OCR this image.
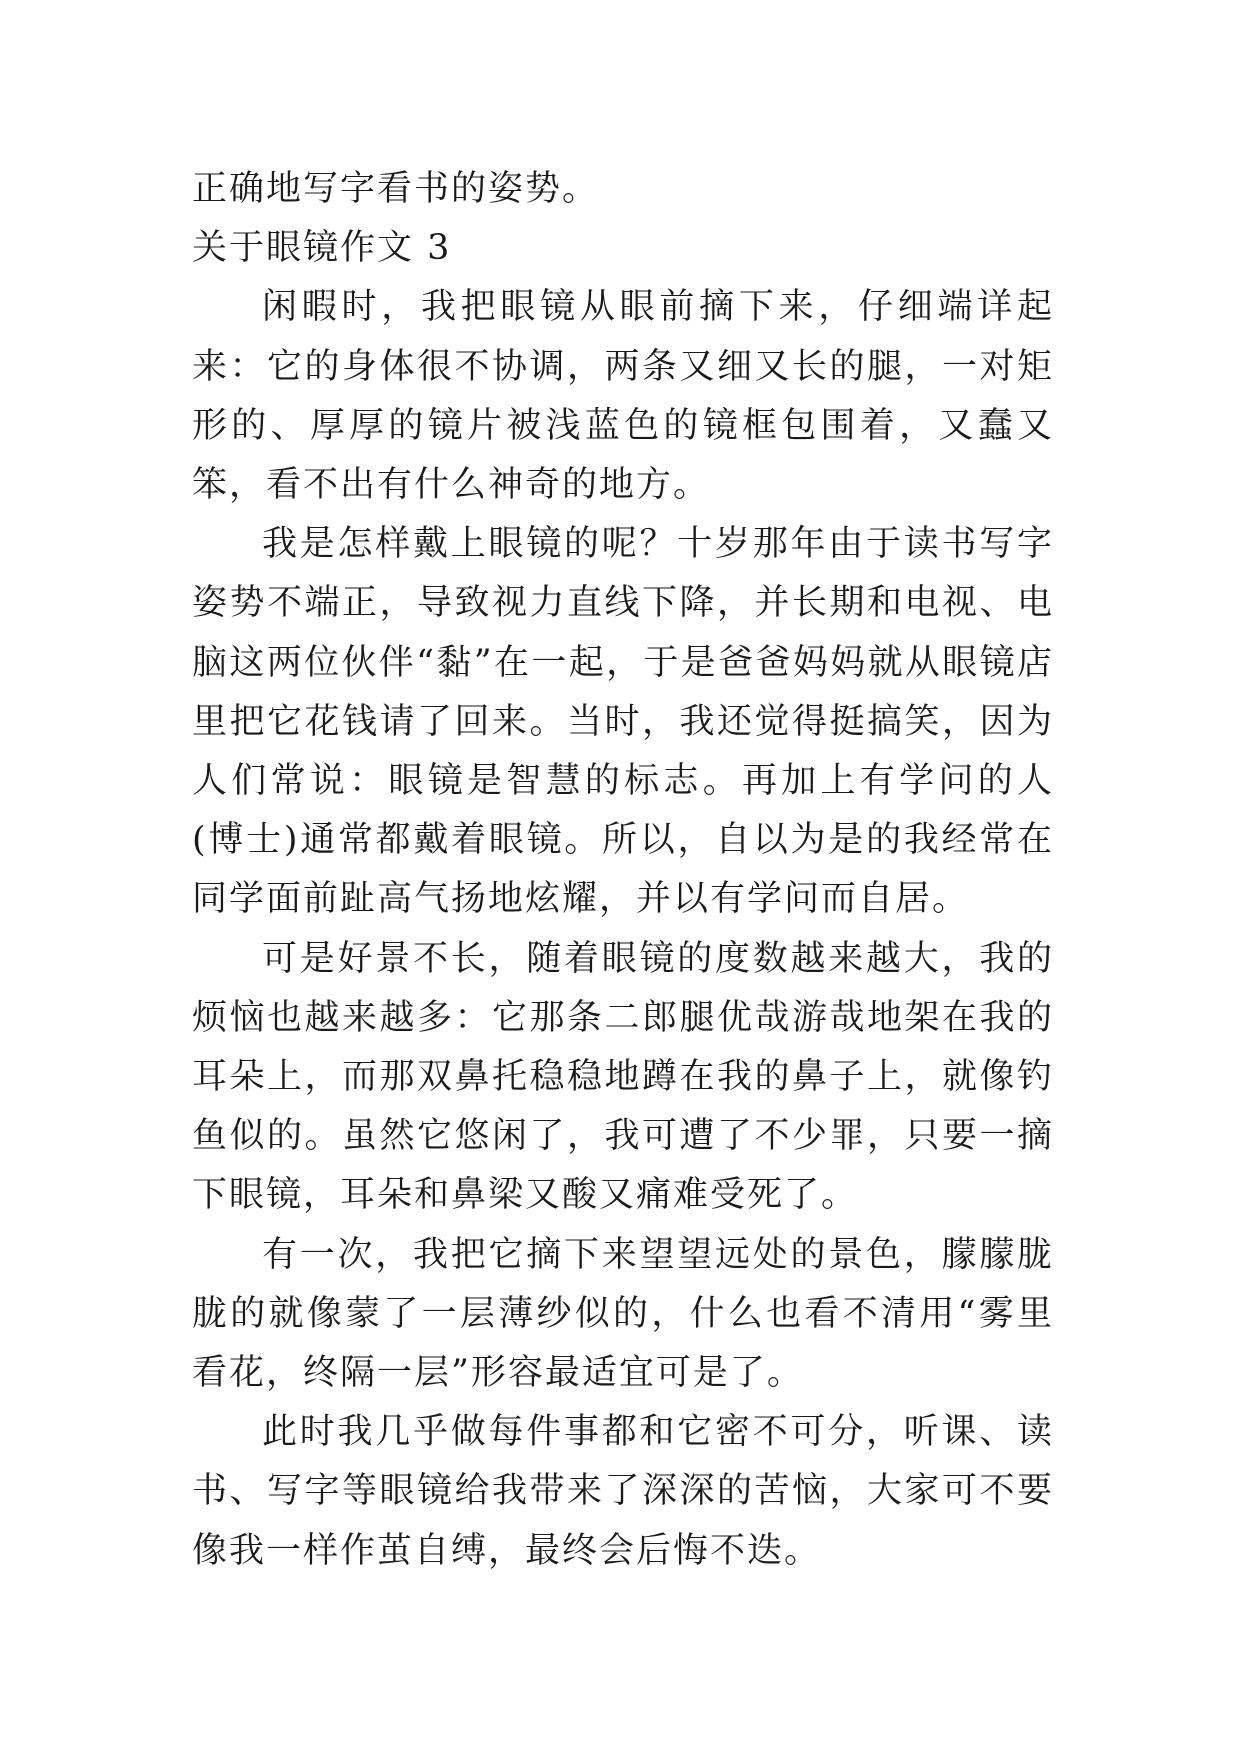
正确地写字看书的姿势。

关于眼镜作文 3

闲暇时，我把眼镜从眼前摘下来，仔细端详起来：它的身体很不协调，两条又细又长的腿，一对矩形的、厚厚的镜片被浅蓝色的镜框包围着，又蠢又笨，看不出有什么神奇的地方。

我是怎样戴上眼镜的呢？十岁那年由于读书写字姿势不端正，导致视力直线下降，并长期和电视、电脑这两位伙伴“黏”在一起，于是爸爸妈妈就从眼镜店里把它花钱请了回来。当时，我还觉得挺搞笑，因为人们常说：眼镜是智慧的标志。再加上有学问的人(博士)通常都戴着眼镜。所以，自以为是的我经常在同学面前趾高气扬地炫耀，并以有学问而自居。

可是好景不长，随着眼镜的度数越来越大，我的烦恼也越来越多：它那条二郎腿优哉游哉地架在我的耳朵上，而那双鼻托稳稳地蹲在我的鼻子上，就像钓鱼似的。虽然它悠闲了，我可遭了不少罪，只要一摘下眼镜，耳朵和鼻梁又酸又痛难受死了。

有一次，我把它摘下来望望远处的景色，朦朦胧胧的就像蒙了一层薄纱似的，什么也看不清用“雾里看花，终隔一层”形容最适宜可是了。

此时我几乎做每件事都和它密不可分，听课、读书、写字等眼镜给我带来了深深的苦恼，大家可不要像我一样作茧自缚，最终会后悔不迭。
